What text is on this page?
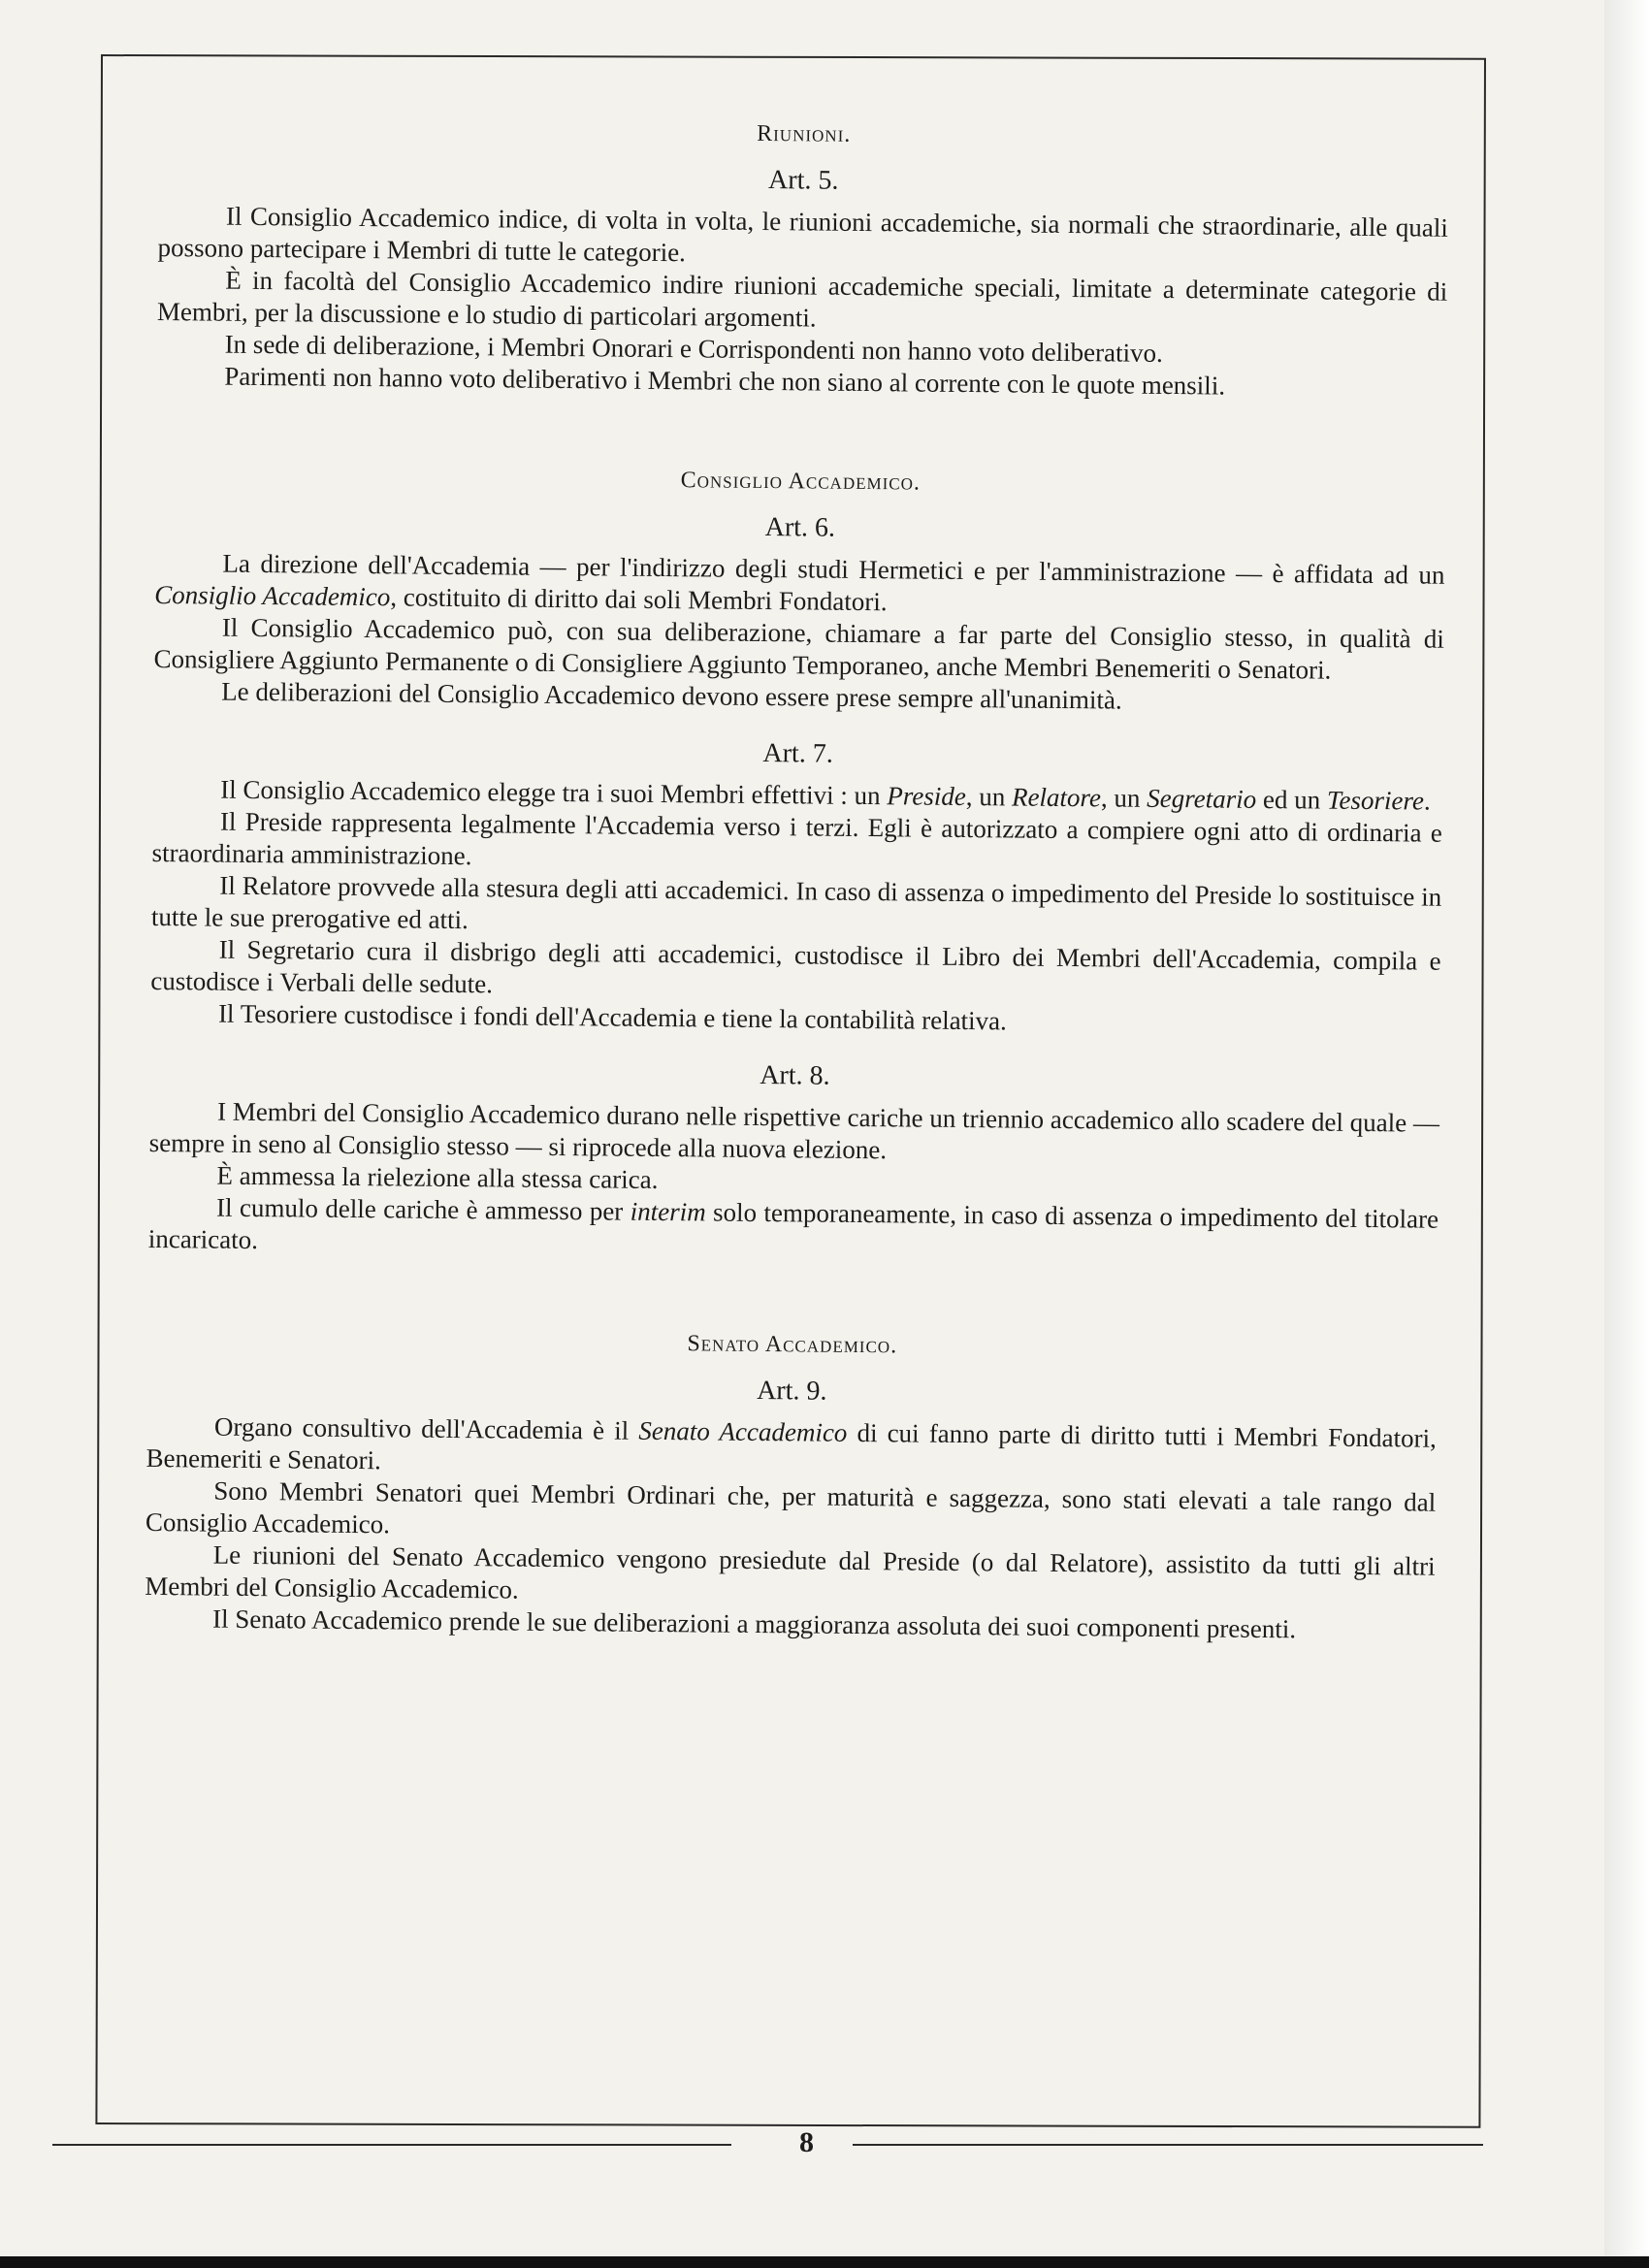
Riunioni.

Art. 5.

Il Consiglio Accademico indice, di volta in volta, le riunioni accademiche, sia normali che straordinarie, alle quali possono partecipare i Membri di tutte le categorie.

È in facoltà del Consiglio Accademico indire riunioni accademiche speciali, limitate a determinate categorie di Membri, per la discussione e lo studio di particolari argomenti.

In sede di deliberazione, i Membri Onorari e Corrispondenti non hanno voto deliberativo.

Parimenti non hanno voto deliberativo i Membri che non siano al corrente con le quote mensili.

Consiglio Accademico.

Art. 6.

La direzione dell'Accademia — per l'indirizzo degli studi Hermetici e per l'amministrazione — è affidata ad un Consiglio Accademico, costituito di diritto dai soli Membri Fondatori.

Il Consiglio Accademico può, con sua deliberazione, chiamare a far parte del Consiglio stesso, in qualità di Consigliere Aggiunto Permanente o di Consigliere Aggiunto Temporaneo, anche Membri Benemeriti o Senatori.

Le deliberazioni del Consiglio Accademico devono essere prese sempre all'unanimità.

Art. 7.

Il Consiglio Accademico elegge tra i suoi Membri effettivi : un Preside, un Relatore, un Segretario ed un Tesoriere.

Il Preside rappresenta legalmente l'Accademia verso i terzi. Egli è autorizzato a compiere ogni atto di ordinaria e straordinaria amministrazione.

Il Relatore provvede alla stesura degli atti accademici. In caso di assenza o impedimento del Preside lo sostituisce in tutte le sue prerogative ed atti.

Il Segretario cura il disbrigo degli atti accademici, custodisce il Libro dei Membri dell'Accademia, compila e custodisce i Verbali delle sedute.

Il Tesoriere custodisce i fondi dell'Accademia e tiene la contabilità relativa.

Art. 8.

I Membri del Consiglio Accademico durano nelle rispettive cariche un triennio accademico allo scadere del quale — sempre in seno al Consiglio stesso — si riprocede alla nuova elezione.

È ammessa la rielezione alla stessa carica.

Il cumulo delle cariche è ammesso per interim solo temporaneamente, in caso di assenza o impedimento del titolare incaricato.

Senato Accademico.

Art. 9.

Organo consultivo dell'Accademia è il Senato Accademico di cui fanno parte di diritto tutti i Membri Fondatori, Benemeriti e Senatori.

Sono Membri Senatori quei Membri Ordinari che, per maturità e saggezza, sono stati elevati a tale rango dal Consiglio Accademico.

Le riunioni del Senato Accademico vengono presiedute dal Preside (o dal Relatore), assistito da tutti gli altri Membri del Consiglio Accademico.

Il Senato Accademico prende le sue deliberazioni a maggioranza assoluta dei suoi componenti presenti.

8
